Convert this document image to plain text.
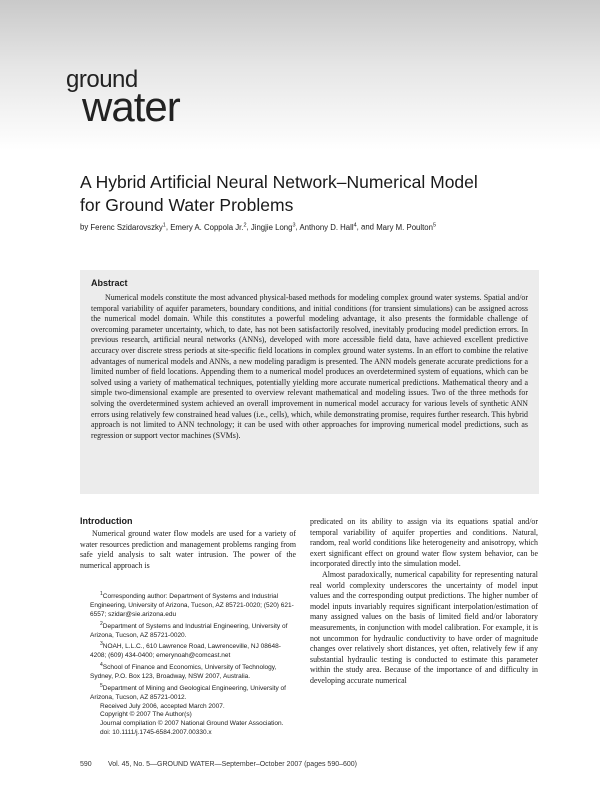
ground
water
A Hybrid Artificial Neural Network–Numerical Model
for Ground Water Problems
by Ferenc Szidarovszky$^1$, Emery A. Coppola Jr.$^2$, Jingjie Long$^3$, Anthony D. Hall$^4$, and Mary M. Poulton$^5$
Abstract

Numerical models constitute the most advanced physical-based methods for modeling complex ground water systems. Spatial and/or temporal variability of aquifer parameters, boundary conditions, and initial conditions (for transient simulations) can be assigned across the numerical model domain. While this constitutes a powerful modeling advantage, it also presents the formidable challenge of overcoming parameter uncertainty, which, to date, has not been satisfactorily resolved, inevitably producing model prediction errors. In previous research, artificial neural networks (ANNs), developed with more accessible field data, have achieved excellent predictive accuracy over discrete stress periods at site-specific field locations in complex ground water systems. In an effort to combine the relative advantages of numerical models and ANNs, a new modeling paradigm is presented. The ANN models generate accurate predictions for a limited number of field locations. Appending them to a numerical model produces an overdetermined system of equations, which can be solved using a variety of mathematical techniques, potentially yielding more accurate numerical predictions. Mathematical theory and a simple two-dimensional example are presented to overview relevant mathematical and modeling issues. Two of the three methods for solving the overdetermined system achieved an overall improvement in numerical model accuracy for various levels of synthetic ANN errors using relatively few constrained head values (i.e., cells), which, while demonstrating promise, requires further research. This hybrid approach is not limited to ANN technology; it can be used with other approaches for improving numerical model predictions, such as regression or support vector machines (SVMs).

Introduction

Numerical ground water flow models are used for a variety of water resources prediction and management problems ranging from safe yield analysis to salt water intrusion. The power of the numerical approach is

$^1$Corresponding author: Department of Systems and Industrial Engineering, University of Arizona, Tucson, AZ 85721-0020; (520) 621-6557; szidar@sie.arizona.edu

$^2$Department of Systems and Industrial Engineering, University of Arizona, Tucson, AZ 85721-0020.

$^3$NOAH, L.L.C., 610 Lawrence Road, Lawrenceville, NJ 08648-4208; (609) 434-0400; emerynoah@comcast.net

$^4$School of Finance and Economics, University of Technology, Sydney, P.O. Box 123, Broadway, NSW 2007, Australia.

$^5$Department of Mining and Geological Engineering, University of Arizona, Tucson, AZ 85721-0012.

Received July 2006, accepted March 2007.

Copyright © 2007 The Author(s)

Journal compilation © 2007 National Ground Water Association.

doi: 10.1111/j.1745-6584.2007.00330.x

predicated on its ability to assign via its equations spatial and/or temporal variability of aquifer properties and conditions. Natural, random, real world conditions like heterogeneity and anisotropy, which exert significant effect on ground water flow system behavior, can be incorporated directly into the simulation model.

Almost paradoxically, numerical capability for representing natural real world complexity underscores the uncertainty of model input values and the corresponding output predictions. The higher number of model inputs invariably requires significant interpolation/estimation of many assigned values on the basis of limited field and/or laboratory measurements, in conjunction with model calibration. For example, it is not uncommon for hydraulic conductivity to have order of magnitude changes over relatively short distances, yet often, relatively few if any substantial hydraulic testing is conducted to estimate this parameter within the study area. Because of the importance of and difficulty in developing accurate numerical

590 Vol. 45, No. 5—GROUND WATER—September–October 2007 (pages 590–600)
